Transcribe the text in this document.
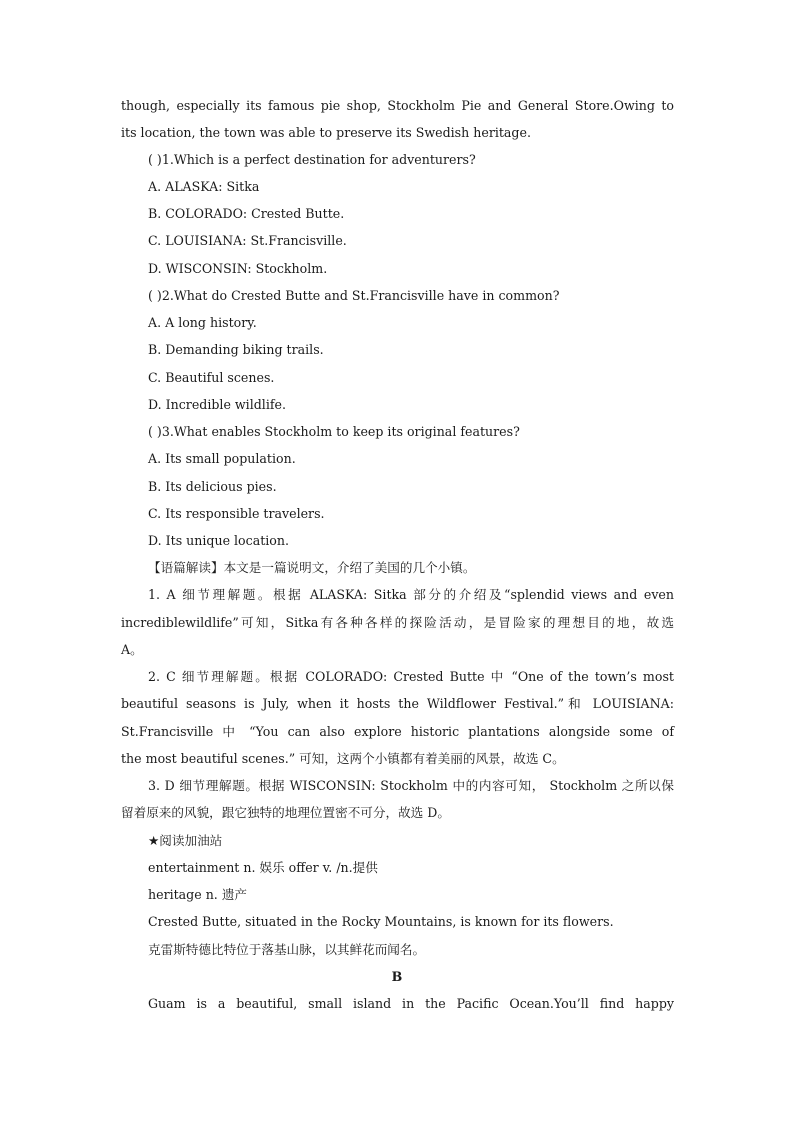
though, especially its famous pie shop, Stockholm Pie and General Store.Owing to
its location, the town was able to preserve its Swedish heritage.
( )1.Which is a perfect destination for adventurers?
A. ALASKA: Sitka
B. COLORADO: Crested Butte.
C. LOUISIANA: St.Francisville.
D. WISCONSIN: Stockholm.
( )2.What do Crested Butte and St.Francisville have in common?
A. A long history.
B. Demanding biking trails.
C. Beautiful scenes.
D. Incredible wildlife.
( )3.What enables Stockholm to keep its original features?
A. Its small population.
B. Its delicious pies.
C. Its responsible travelers.
D. Its unique location.
【语篇解读】本文是一篇说明文，介绍了美国的几个小镇。
1. A 细节理解题。根据 ALASKA: Sitka 部分的介绍及“splendid views and even
incrediblewildlife”可知，Sitka有各种各样的探险活动，是冒险家的理想目的地，故选
A。
2. C 细节理解题。根据 COLORADO: Crested Butte 中 “One of the town’s most
beautiful seasons is July, when it hosts the Wildflower Festival.”和 LOUISIANA:
St.Francisville 中 “You can also explore historic plantations alongside some of
the most beautiful scenes.” 可知，这两个小镇都有着美丽的风景，故选 C。
3. D 细节理解题。根据 WISCONSIN: Stockholm 中的内容可知， Stockholm 之所以保
留着原来的风貌，跟它独特的地理位置密不可分，故选 D。
★阅读加油站
entertainment n. 娱乐 offer v. /n.提供
heritage n. 遗产
Crested Butte, situated in the Rocky Mountains, is known for its flowers.
克雷斯特德比特位于落基山脉，以其鲜花而闻名。
B
Guam is a beautiful, small island in the Pacific Ocean.You’ll find happy
